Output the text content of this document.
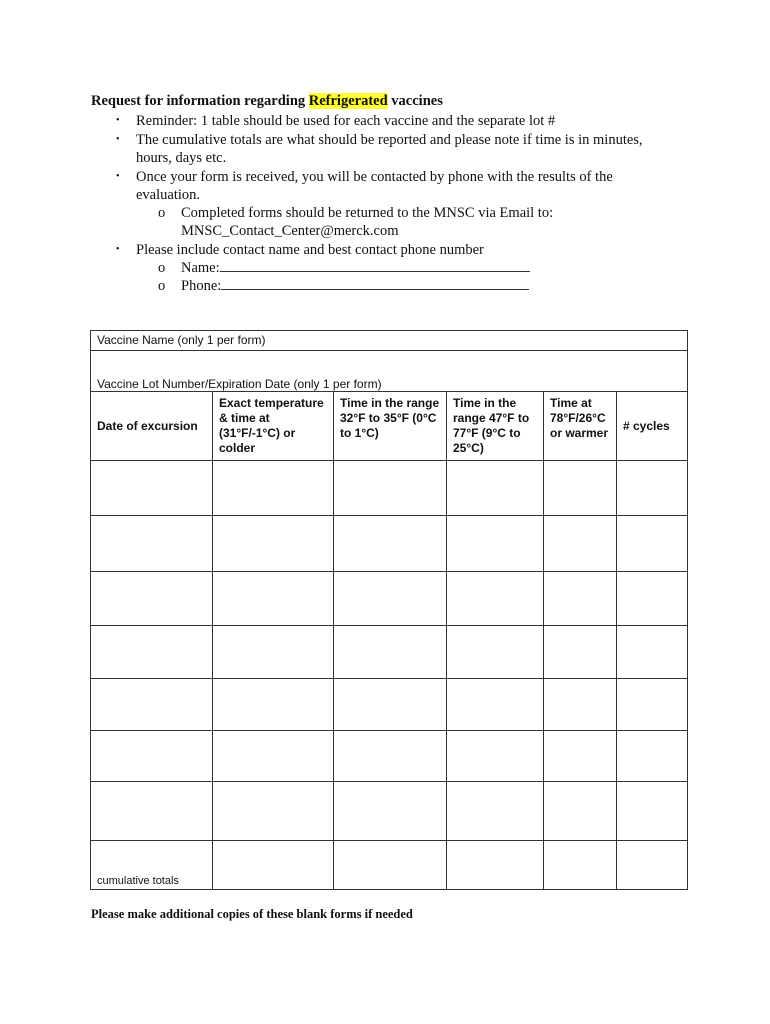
Request for information regarding Refrigerated vaccines
• Reminder: 1 table should be used for each vaccine and the separate lot #
• The cumulative totals are what should be reported and please note if time is in minutes,
hours, days etc.
• Once your form is received, you will be contacted by phone with the results of the
evaluation.
o Completed forms should be returned to the MNSC via Email to:
MNSC_Contact_Center@merck.com
• Please include contact name and best contact phone number
o Name:
o Phone:
Vaccine Name (only 1 per form)					
Vaccine Lot Number/Expiration Date (only 1 per form)					
Date of excursion	Exact temperature & time at (31°F/-1°C) or colder	Time in the range 32°F to 35°F (0°C to 1°C)	Time in the range 47°F to 77°F (9°C to 25°C)	Time at 78°F/26°C or warmer	# cycles

cumulative totals					
Please make additional copies of these blank forms if needed
